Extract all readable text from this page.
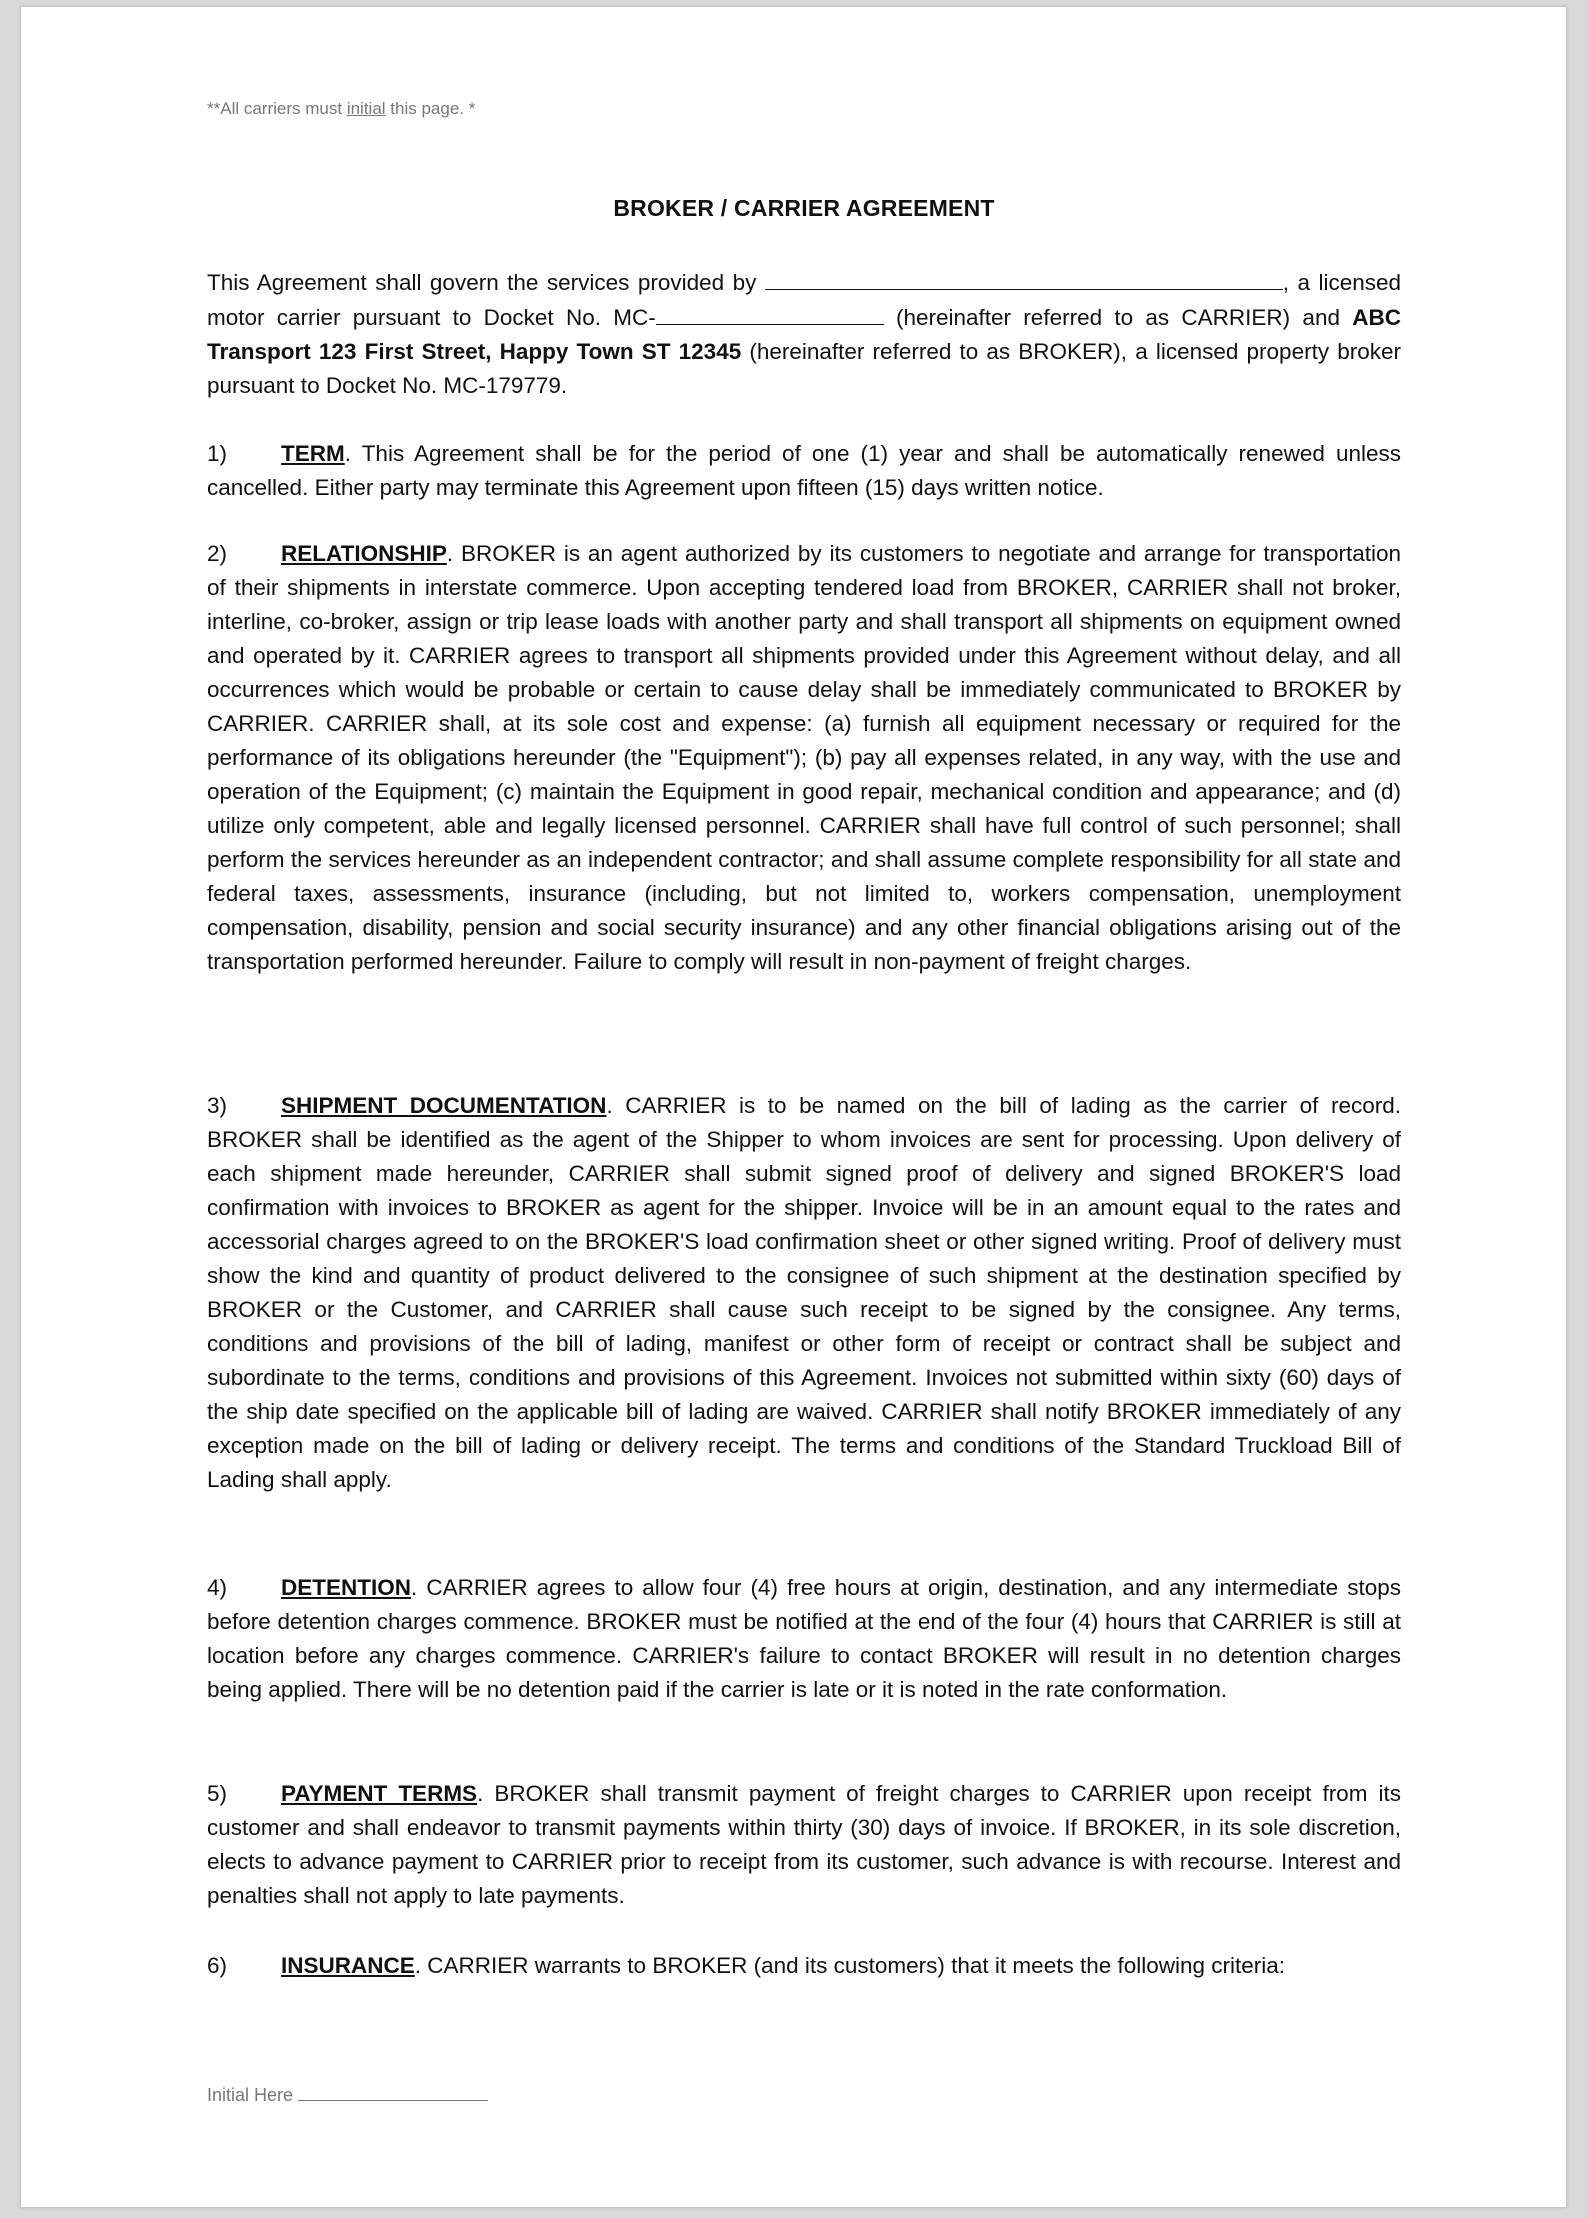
**All carriers must initial this page. *
BROKER / CARRIER AGREEMENT
This Agreement shall govern the services provided by	, a licensed motor carrier pursuant to Docket No. MC-	(hereinafter referred to as CARRIER) and ABC Transport 123 First Street, Happy Town ST 12345 (hereinafter referred to as BROKER), a licensed property broker pursuant to Docket No. MC-179779.
1) TERM. This Agreement shall be for the period of one (1) year and shall be automatically renewed unless cancelled. Either party may terminate this Agreement upon fifteen (15) days written notice.
2) RELATIONSHIP. BROKER is an agent authorized by its customers to negotiate and arrange for transportation of their shipments in interstate commerce. Upon accepting tendered load from BROKER, CARRIER shall not broker, interline, co-broker, assign or trip lease loads with another party and shall transport all shipments on equipment owned and operated by it. CARRIER agrees to transport all shipments provided under this Agreement without delay, and all occurrences which would be probable or certain to cause delay shall be immediately communicated to BROKER by CARRIER. CARRIER shall, at its sole cost and expense: (a) furnish all equipment necessary or required for the performance of its obligations hereunder (the "Equipment"); (b) pay all expenses related, in any way, with the use and operation of the Equipment; (c) maintain the Equipment in good repair, mechanical condition and appearance; and (d) utilize only competent, able and legally licensed personnel. CARRIER shall have full control of such personnel; shall perform the services hereunder as an independent contractor; and shall assume complete responsibility for all state and federal taxes, assessments, insurance (including, but not limited to, workers compensation, unemployment compensation, disability, pension and social security insurance) and any other financial obligations arising out of the transportation performed hereunder. Failure to comply will result in non-payment of freight charges.
3) SHIPMENT DOCUMENTATION. CARRIER is to be named on the bill of lading as the carrier of record. BROKER shall be identified as the agent of the Shipper to whom invoices are sent for processing. Upon delivery of each shipment made hereunder, CARRIER shall submit signed proof of delivery and signed BROKER'S load confirmation with invoices to BROKER as agent for the shipper. Invoice will be in an amount equal to the rates and accessorial charges agreed to on the BROKER'S load confirmation sheet or other signed writing. Proof of delivery must show the kind and quantity of product delivered to the consignee of such shipment at the destination specified by BROKER or the Customer, and CARRIER shall cause such receipt to be signed by the consignee. Any terms, conditions and provisions of the bill of lading, manifest or other form of receipt or contract shall be subject and subordinate to the terms, conditions and provisions of this Agreement. Invoices not submitted within sixty (60) days of the ship date specified on the applicable bill of lading are waived. CARRIER shall notify BROKER immediately of any exception made on the bill of lading or delivery receipt. The terms and conditions of the Standard Truckload Bill of Lading shall apply.
4) DETENTION. CARRIER agrees to allow four (4) free hours at origin, destination, and any intermediate stops before detention charges commence. BROKER must be notified at the end of the four (4) hours that CARRIER is still at location before any charges commence. CARRIER's failure to contact BROKER will result in no detention charges being applied. There will be no detention paid if the carrier is late or it is noted in the rate conformation.
5) PAYMENT TERMS. BROKER shall transmit payment of freight charges to CARRIER upon receipt from its customer and shall endeavor to transmit payments within thirty (30) days of invoice. If BROKER, in its sole discretion, elects to advance payment to CARRIER prior to receipt from its customer, such advance is with recourse. Interest and penalties shall not apply to late payments.
6) INSURANCE. CARRIER warrants to BROKER (and its customers) that it meets the following criteria:
Initial Here
